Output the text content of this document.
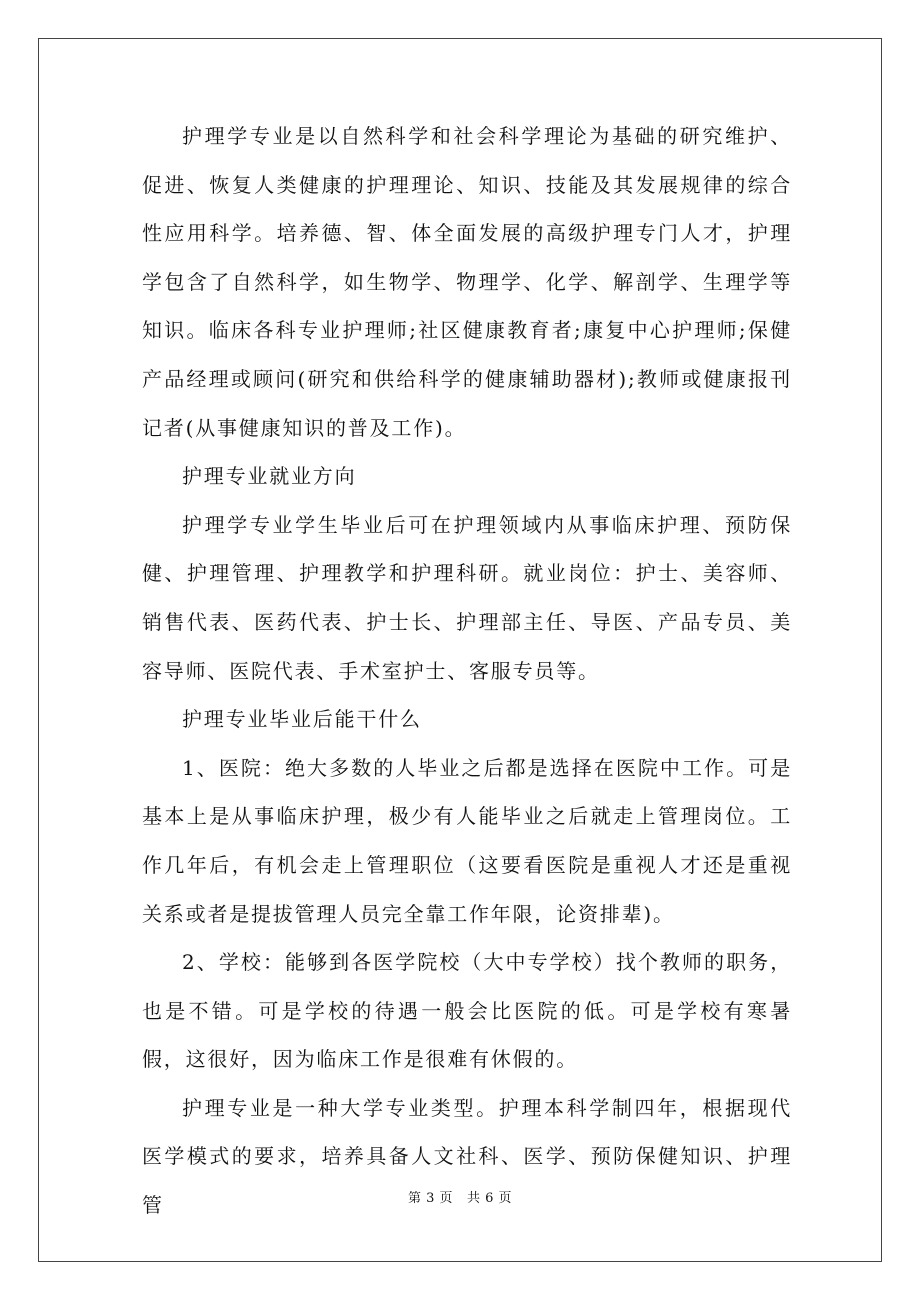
护理学专业是以自然科学和社会科学理论为基础的研究维护、促进、恢复人类健康的护理理论、知识、技能及其发展规律的综合性应用科学。培养德、智、体全面发展的高级护理专门人才，护理学包含了自然科学，如生物学、物理学、化学、解剖学、生理学等知识。临床各科专业护理师;社区健康教育者;康复中心护理师;保健产品经理或顾问(研究和供给科学的健康辅助器材);教师或健康报刊记者(从事健康知识的普及工作)。

护理专业就业方向

护理学专业学生毕业后可在护理领域内从事临床护理、预防保健、护理管理、护理教学和护理科研。就业岗位：护士、美容师、销售代表、医药代表、护士长、护理部主任、导医、产品专员、美容导师、医院代表、手术室护士、客服专员等。

护理专业毕业后能干什么

1、医院：绝大多数的人毕业之后都是选择在医院中工作。可是基本上是从事临床护理，极少有人能毕业之后就走上管理岗位。工作几年后，有机会走上管理职位（这要看医院是重视人才还是重视关系或者是提拔管理人员完全靠工作年限，论资排辈)。

2、学校：能够到各医学院校（大中专学校）找个教师的职务，也是不错。可是学校的待遇一般会比医院的低。可是学校有寒暑假，这很好，因为临床工作是很难有休假的。

护理专业是一种大学专业类型。护理本科学制四年，根据现代医学模式的要求，培养具备人文社科、医学、预防保健知识、护理管	第 3 页 共 6 页
